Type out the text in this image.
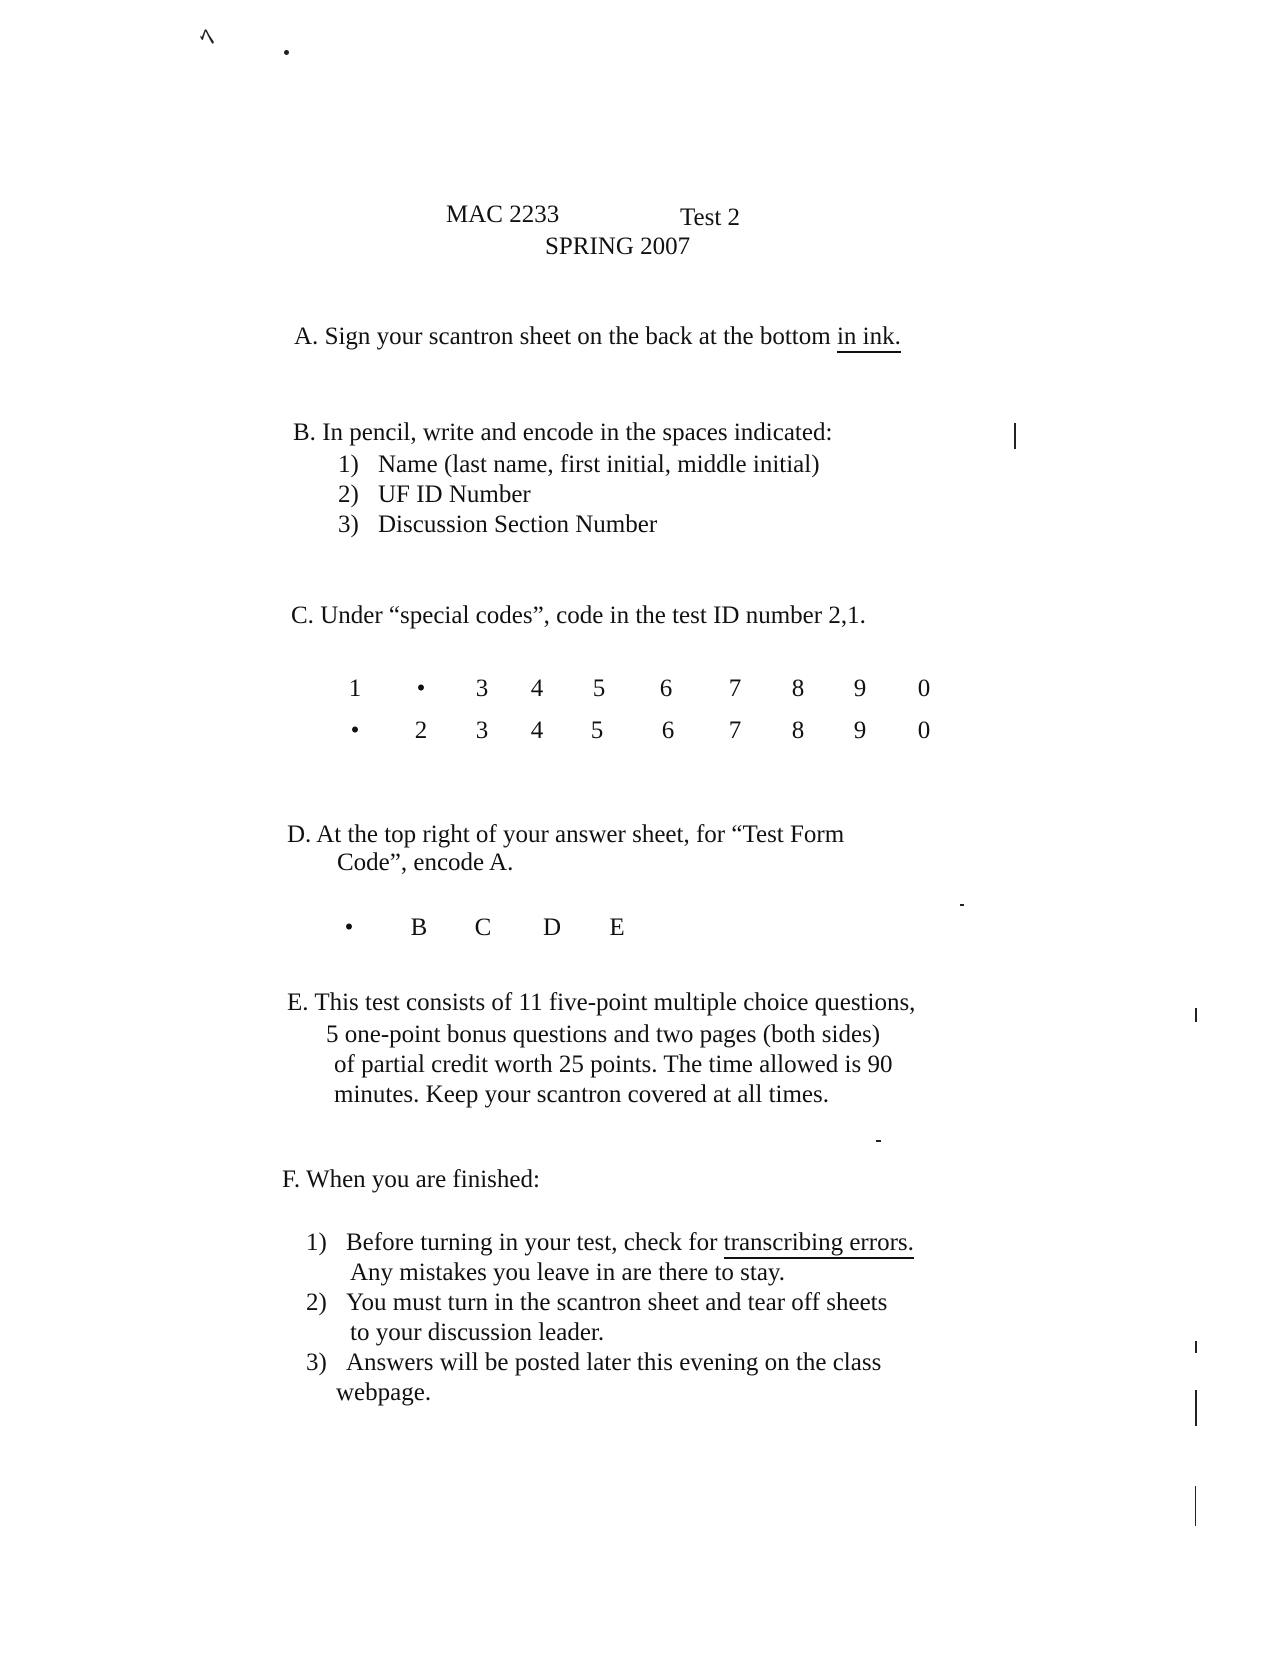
ﾍ
MAC 2233	Test 2
SPRING 2007
A. Sign your scantron sheet on the back at the bottom in ink.
B. In pencil, write and encode in the spaces indicated:
1) Name (last name, first initial, middle initial)
2) UF ID Number
3) Discussion Section Number
C. Under “special codes”, code in the test ID number 2,1.
1	•	3	4	5	6	7	8	9	0
•	2	3	4	5	6	7	8	9	0
D. At the top right of your answer sheet, for “Test Form
Code”, encode A.
•	B C D E
E. This test consists of 11 five-point multiple choice questions,
5 one-point bonus questions and two pages (both sides)
of partial credit worth 25 points. The time allowed is 90
minutes. Keep your scantron covered at all times.
F. When you are finished:
1) Before turning in your test, check for transcribing errors.
Any mistakes you leave in are there to stay.
2) You must turn in the scantron sheet and tear off sheets
to your discussion leader.
3) Answers will be posted later this evening on the class
webpage.
